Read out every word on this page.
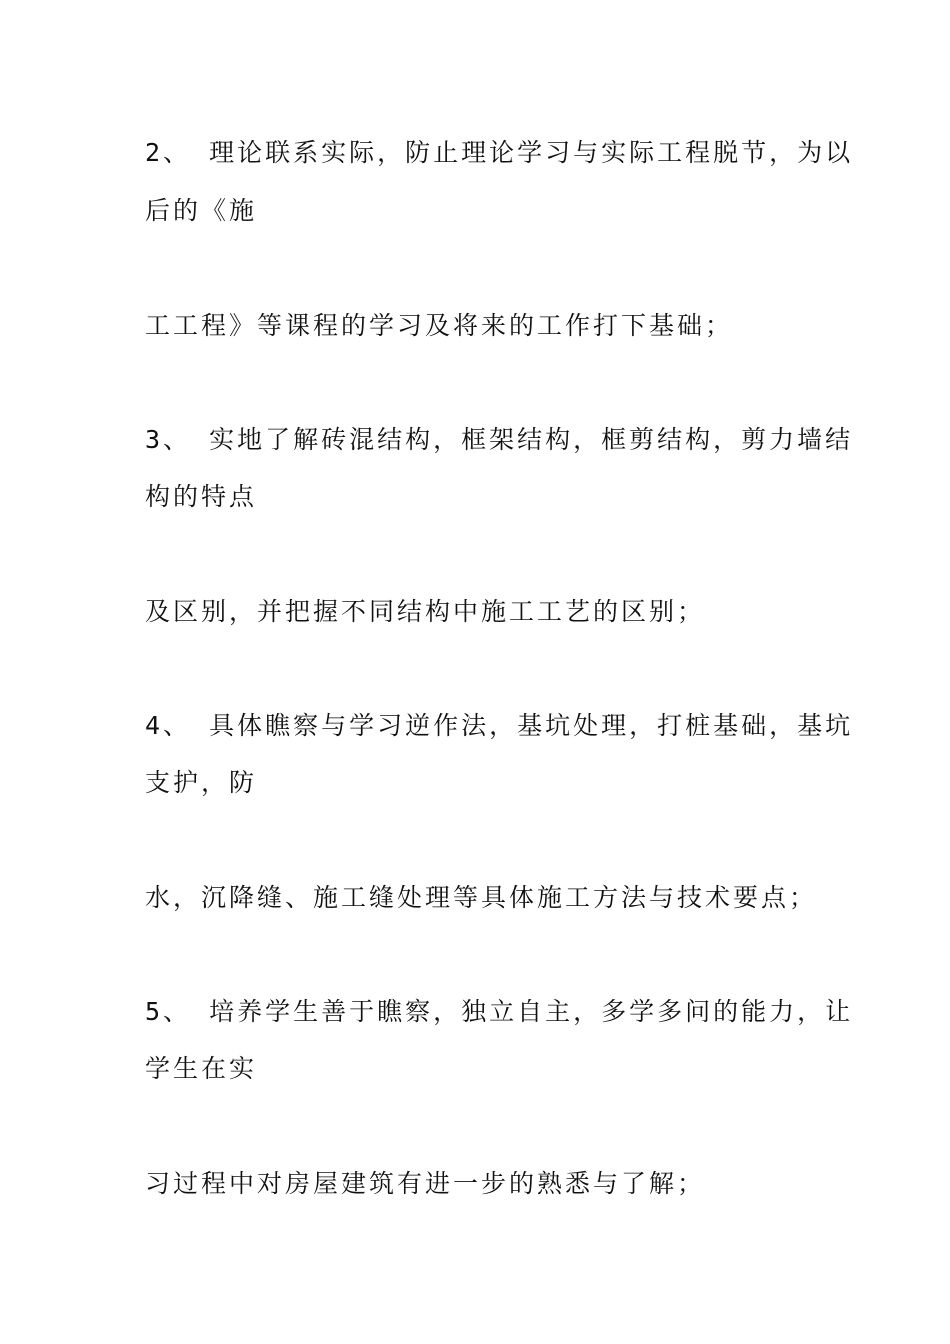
2、 理论联系实际，防止理论学习与实际工程脱节，为以
后的《施
工工程》等课程的学习及将来的工作打下基础；
3、 实地了解砖混结构，框架结构，框剪结构，剪力墙结
构的特点
及区别，并把握不同结构中施工工艺的区别；
4、 具体瞧察与学习逆作法，基坑处理，打桩基础，基坑
支护，防
水，沉降缝、施工缝处理等具体施工方法与技术要点；
5、 培养学生善于瞧察，独立自主，多学多问的能力，让
学生在实
习过程中对房屋建筑有进一步的熟悉与了解；
